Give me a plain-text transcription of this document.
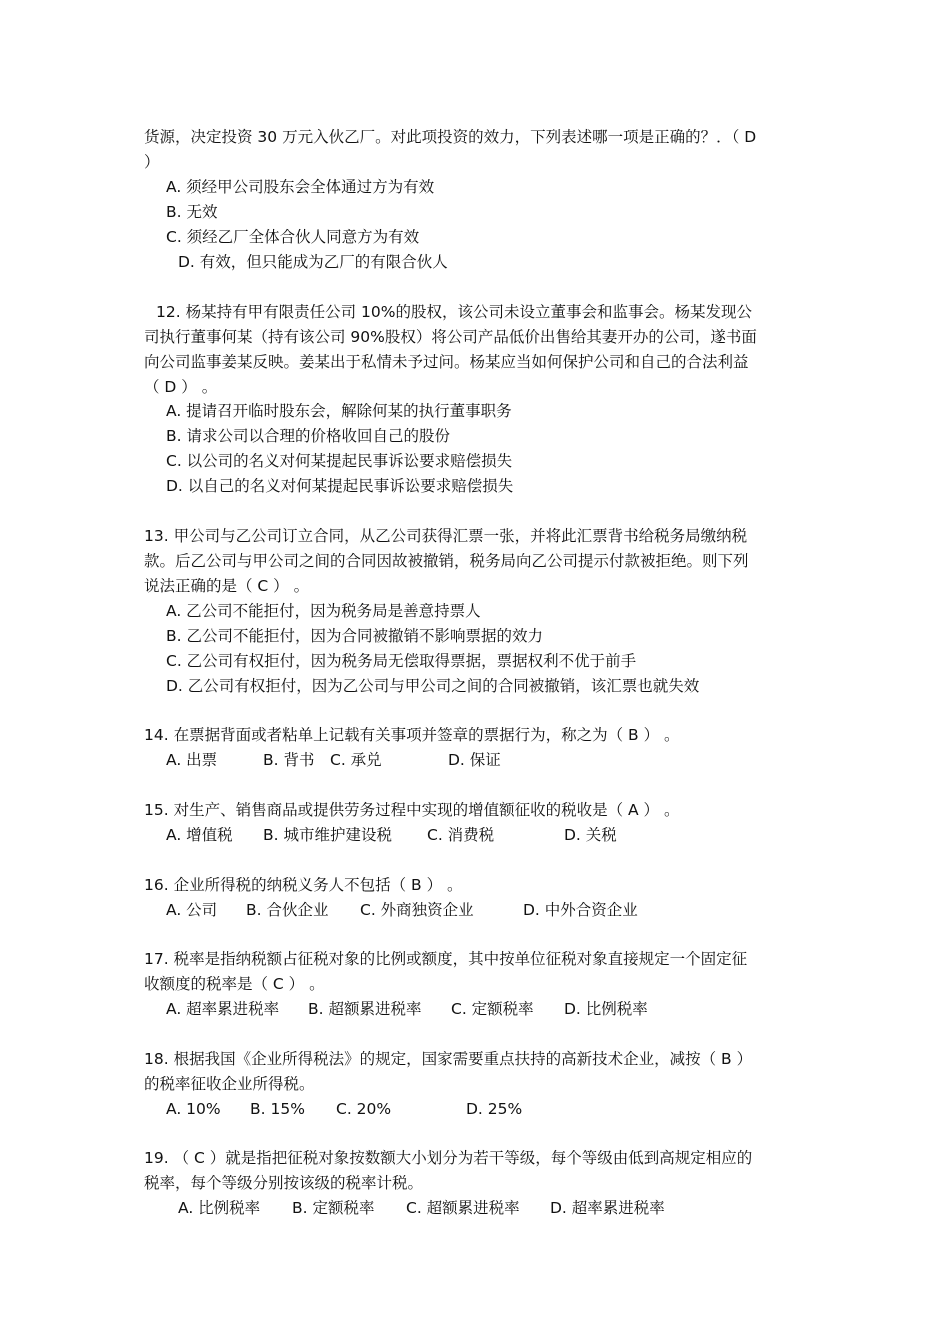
货源，决定投资 30 万元入伙乙厂。对此项投资的效力，下列表述哪一项是正确的？．（ D
）
A. 须经甲公司股东会全体通过方为有效
B. 无效
C. 须经乙厂全体合伙人同意方为有效
D. 有效，但只能成为乙厂的有限合伙人
12. 杨某持有甲有限责任公司 10%的股权，该公司未设立董事会和监事会。杨某发现公
司执行董事何某（持有该公司 90%股权）将公司产品低价出售给其妻开办的公司，遂书面
向公司监事姜某反映。姜某出于私情未予过问。杨某应当如何保护公司和自己的合法利益
（ D ） 。
A. 提请召开临时股东会，解除何某的执行董事职务
B. 请求公司以合理的价格收回自己的股份
C. 以公司的名义对何某提起民事诉讼要求赔偿损失
D. 以自己的名义对何某提起民事诉讼要求赔偿损失
13. 甲公司与乙公司订立合同，从乙公司获得汇票一张，并将此汇票背书给税务局缴纳税
款。后乙公司与甲公司之间的合同因故被撤销，税务局向乙公司提示付款被拒绝。则下列
说法正确的是（ C ） 。
A. 乙公司不能拒付，因为税务局是善意持票人
B. 乙公司不能拒付，因为合同被撤销不影响票据的效力
C. 乙公司有权拒付，因为税务局无偿取得票据，票据权利不优于前手
D. 乙公司有权拒付，因为乙公司与甲公司之间的合同被撤销，该汇票也就失效
14. 在票据背面或者粘单上记载有关事项并签章的票据行为，称之为（ B ） 。
A. 出票	B. 背书	C. 承兑	D. 保证
15. 对生产、销售商品或提供劳务过程中实现的增值额征收的税收是（ A ） 。
A. 增值税	B. 城市维护建设税	C. 消费税	D. 关税
16. 企业所得税的纳税义务人不包括（ B ） 。
A. 公司	B. 合伙企业	C. 外商独资企业	D. 中外合资企业
17. 税率是指纳税额占征税对象的比例或额度，其中按单位征税对象直接规定一个固定征
收额度的税率是（ C ） 。
A. 超率累进税率	B. 超额累进税率	C. 定额税率	D. 比例税率
18. 根据我国《企业所得税法》的规定，国家需要重点扶持的高新技术企业，减按（ B ）
的税率征收企业所得税。
A. 10%	B. 15%	C. 20%	D. 25%
19. （ C ）就是指把征税对象按数额大小划分为若干等级，每个等级由低到高规定相应的
税率，每个等级分别按该级的税率计税。
A. 比例税率	B. 定额税率	C. 超额累进税率	D. 超率累进税率
